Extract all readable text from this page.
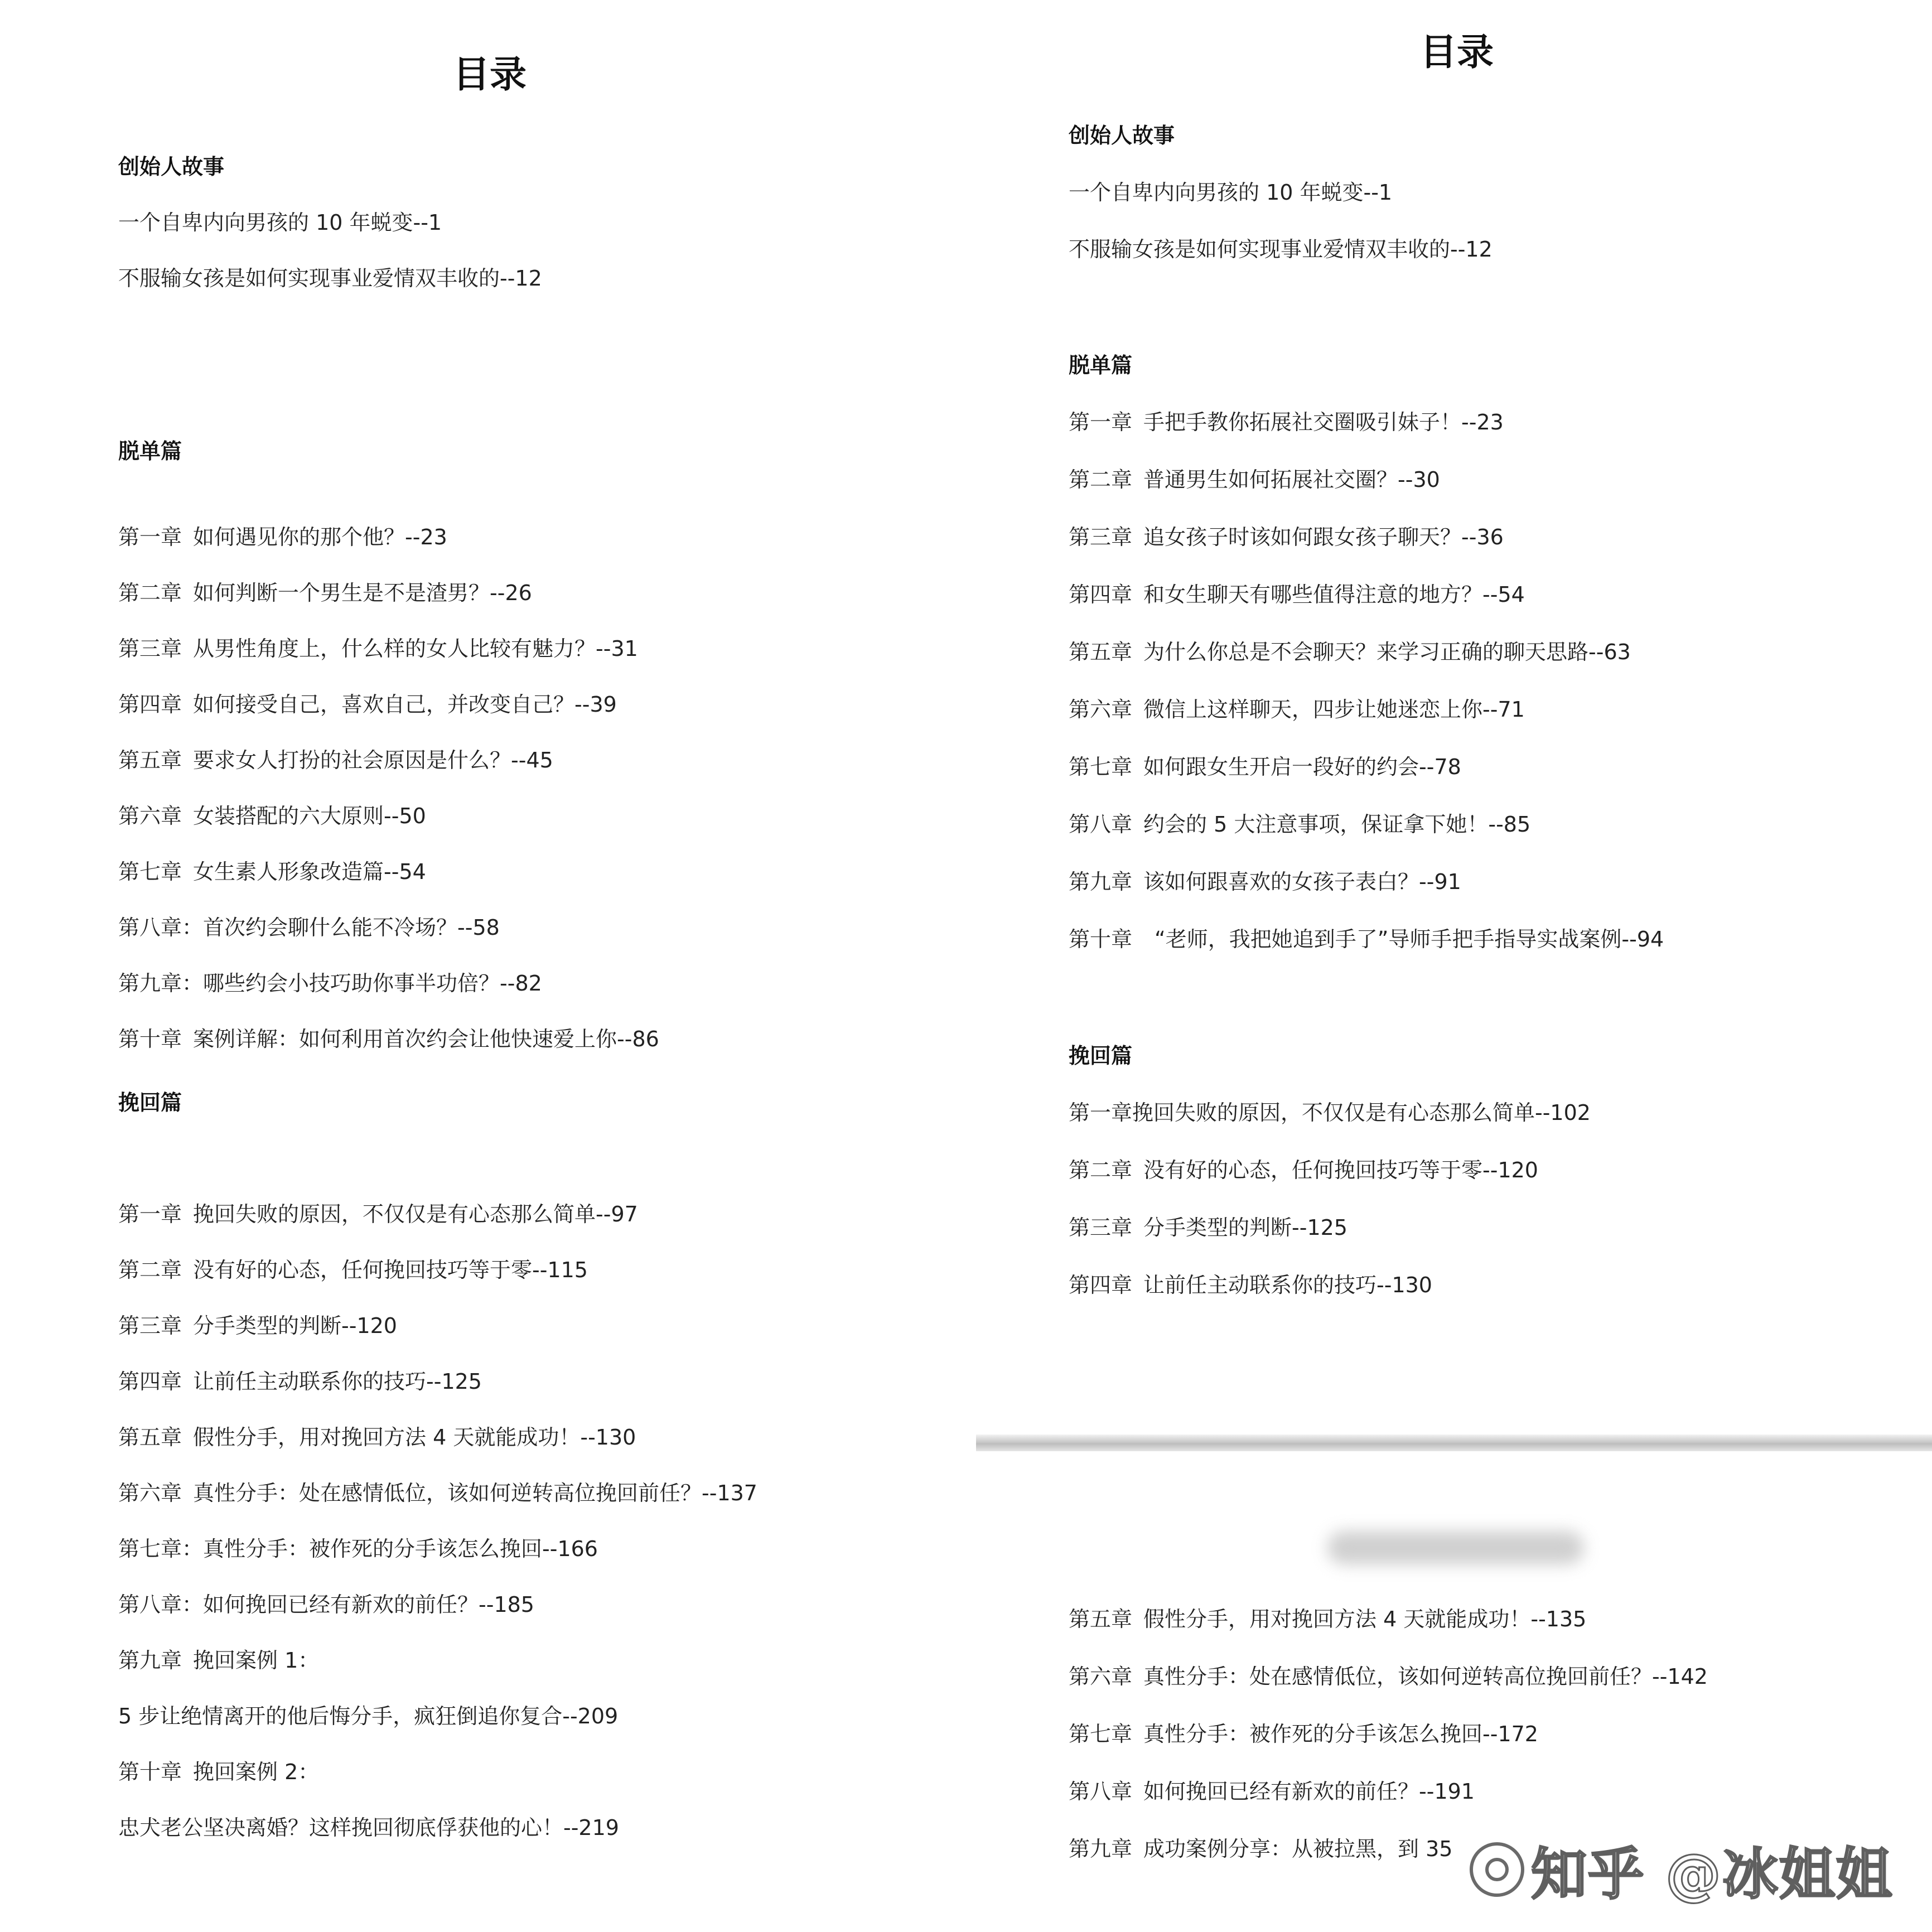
目录
创始人故事
一个自卑内向男孩的 10 年蜕变--1
不服输女孩是如何实现事业爱情双丰收的--12
脱单篇
第一章 如何遇见你的那个他？--23
第二章 如何判断一个男生是不是渣男？--26
第三章 从男性角度上，什么样的女人比较有魅力？--31
第四章 如何接受自己，喜欢自己，并改变自己？--39
第五章 要求女人打扮的社会原因是什么？--45
第六章 女装搭配的六大原则--50
第七章 女生素人形象改造篇--54
第八章：首次约会聊什么能不冷场？--58
第九章：哪些约会小技巧助你事半功倍？--82
第十章 案例详解：如何利用首次约会让他快速爱上你--86
挽回篇
第一章 挽回失败的原因，不仅仅是有心态那么简单--97
第二章 没有好的心态，任何挽回技巧等于零--115
第三章 分手类型的判断--120
第四章 让前任主动联系你的技巧--125
第五章 假性分手，用对挽回方法 4 天就能成功！--130
第六章 真性分手：处在感情低位，该如何逆转高位挽回前任？--137
第七章：真性分手：被作死的分手该怎么挽回--166
第八章：如何挽回已经有新欢的前任？--185
第九章 挽回案例 1：
5 步让绝情离开的他后悔分手，疯狂倒追你复合--209
第十章 挽回案例 2：
忠犬老公坚决离婚？这样挽回彻底俘获他的心！--219
目录
创始人故事
一个自卑内向男孩的 10 年蜕变--1
不服输女孩是如何实现事业爱情双丰收的--12
脱单篇
第一章 手把手教你拓展社交圈吸引妹子！--23
第二章 普通男生如何拓展社交圈？--30
第三章 追女孩子时该如何跟女孩子聊天？--36
第四章 和女生聊天有哪些值得注意的地方？--54
第五章 为什么你总是不会聊天？来学习正确的聊天思路--63
第六章 微信上这样聊天，四步让她迷恋上你--71
第七章 如何跟女生开启一段好的约会--78
第八章 约会的 5 大注意事项，保证拿下她！--85
第九章 该如何跟喜欢的女孩子表白？--91
第十章 “老师，我把她追到手了”导师手把手指导实战案例--94
挽回篇
第一章挽回失败的原因，不仅仅是有心态那么简单--102
第二章 没有好的心态，任何挽回技巧等于零--120
第三章 分手类型的判断--125
第四章 让前任主动联系你的技巧--130
第五章 假性分手，用对挽回方法 4 天就能成功！--135
第六章 真性分手：处在感情低位，该如何逆转高位挽回前任？--142
第七章 真性分手：被作死的分手该怎么挽回--172
第八章 如何挽回已经有新欢的前任？--191
第九章 成功案例分享：从被拉黑，到 35 知乎 @冰姐姐
